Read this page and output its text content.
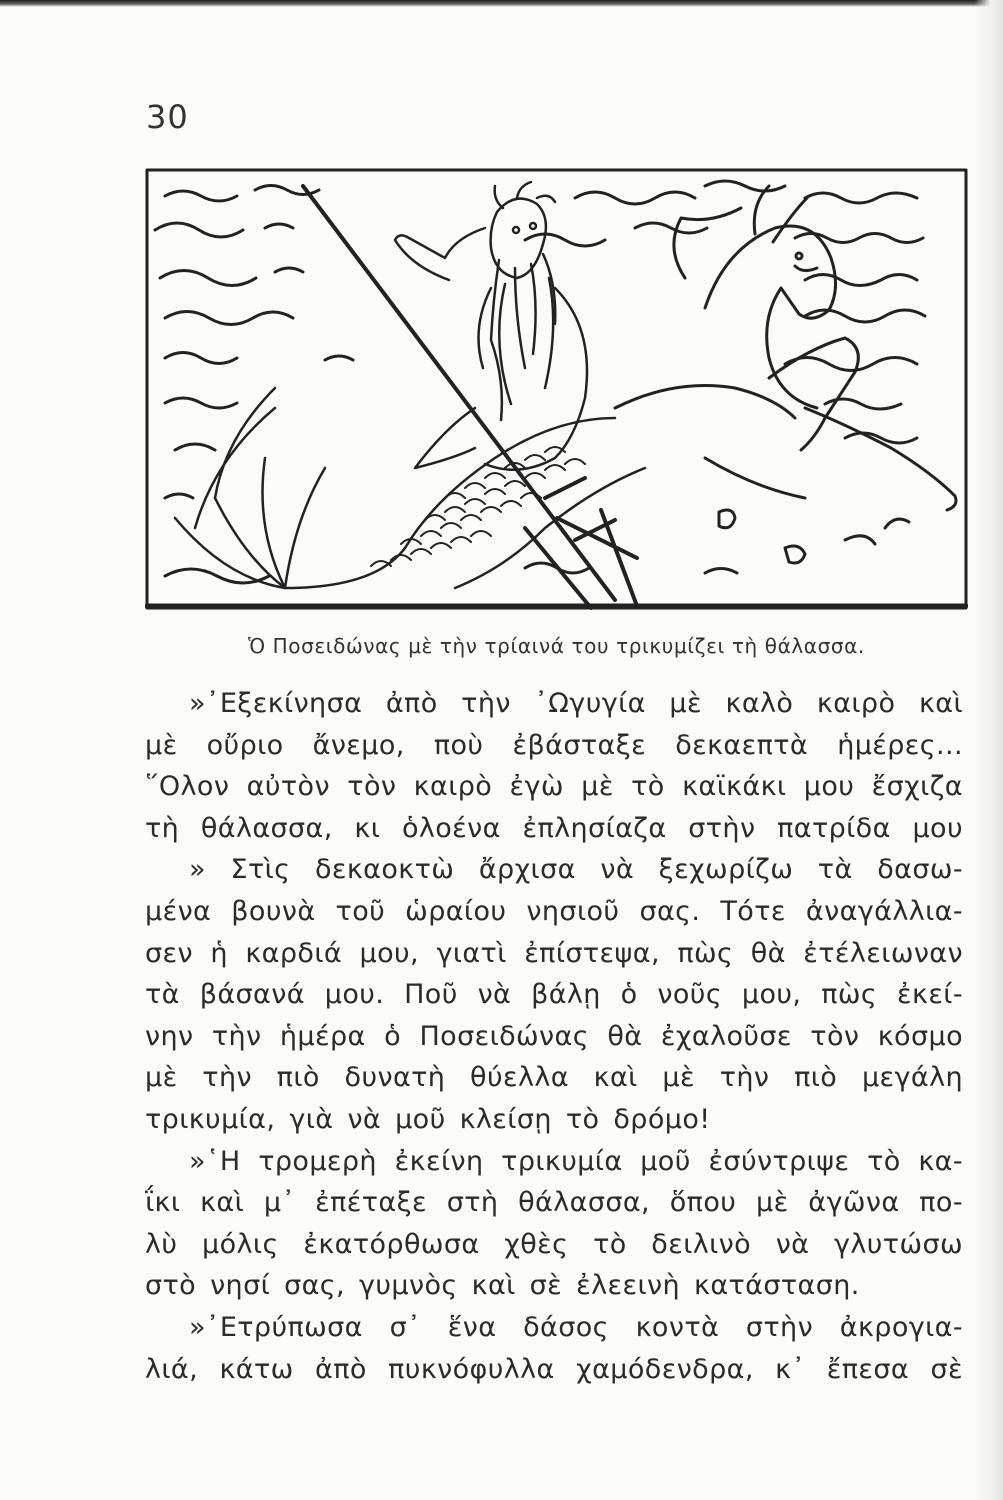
30
Ὁ Ποσειδώνας μὲ τὴν τρίαινά του τρικυμίζει τὴ θάλασσα.
»᾿Εξεκίνησα ἀπὸ τὴν ᾿Ωγυγία μὲ καλὸ καιρὸ καὶ
μὲ οὔριο ἄνεμο, ποὺ ἐβάσταξε δεκαεπτὰ ἡμέρες...
῞Ολον αὐτὸν τὸν καιρὸ ἐγὼ μὲ τὸ καϊκάκι μου ἔσχιζα
τὴ θάλασσα, κι ὁλοένα ἐπλησίαζα στὴν πατρίδα μου
» Στὶς δεκαοκτὼ ἄρχισα νὰ ξεχωρίζω τὰ δασω-
μένα βουνὰ τοῦ ὡραίου νησιοῦ σας. Τότε ἀναγάλλια-
σεν ἡ καρδιά μου, γιατὶ ἐπίστεψα, πὼς θὰ ἐτέλειωναν
τὰ βάσανά μου. Ποῦ νὰ βάλῃ ὁ νοῦς μου, πὼς ἐκεί-
νην τὴν ἡμέρα ὁ Ποσειδώνας θὰ ἐχαλοῦσε τὸν κόσμο
μὲ τὴν πιὸ δυνατὴ θύελλα καὶ μὲ τὴν πιὸ μεγάλη
τρικυμία, γιὰ νὰ μοῦ κλείσῃ τὸ δρόμο!
»῾Η τρομερὴ ἐκείνη τρικυμία μοῦ ἐσύντριψε τὸ κα-
ΐκι καὶ μ᾿ ἐπέταξε στὴ θάλασσα, ὅπου μὲ ἀγῶνα πο-
λὺ μόλις ἐκατόρθωσα χθὲς τὸ δειλινὸ νὰ γλυτώσω
στὸ νησί σας, γυμνὸς καὶ σὲ ἐλεεινὴ κατάσταση.
»᾿Ετρύπωσα σ᾿ ἕνα δάσος κοντὰ στὴν ἀκρογια-
λιά, κάτω ἀπὸ πυκνόφυλλα χαμόδενδρα, κ᾿ ἔπεσα σὲ
